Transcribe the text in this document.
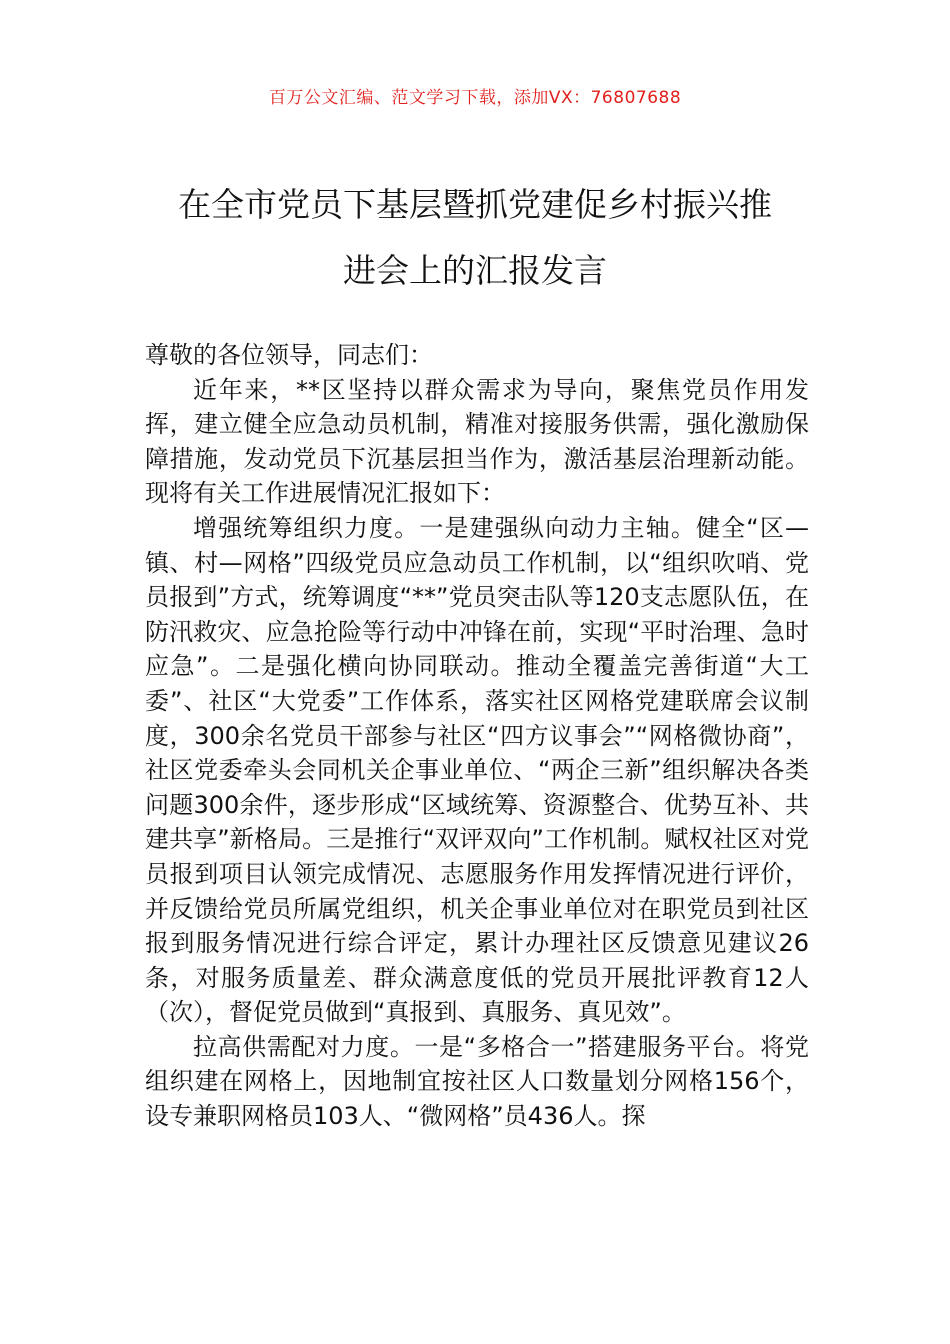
百万公文汇编、范文学习下载，添加VX：76807688
在全市党员下基层暨抓党建促乡村振兴推
进会上的汇报发言

尊敬的各位领导，同志们：

近年来，**区坚持以群众需求为导向，聚焦党员作用发挥，建立健全应急动员机制，精准对接服务供需，强化激励保障措施，发动党员下沉基层担当作为，激活基层治理新动能。现将有关工作进展情况汇报如下：

增强统筹组织力度。一是建强纵向动力主轴。健全“区—镇、村—网格”四级党员应急动员工作机制，以“组织吹哨、党员报到”方式，统筹调度“**”党员突击队等120支志愿队伍，在防汛救灾、应急抢险等行动中冲锋在前，实现“平时治理、急时应急”。二是强化横向协同联动。推动全覆盖完善街道“大工委”、社区“大党委”工作体系，落实社区网格党建联席会议制度，300余名党员干部参与社区“四方议事会”“网格微协商”，社区党委牵头会同机关企事业单位、“两企三新”组织解决各类问题300余件，逐步形成“区域统筹、资源整合、优势互补、共建共享”新格局。三是推行“双评双向”工作机制。赋权社区对党员报到项目认领完成情况、志愿服务作用发挥情况进行评价，并反馈给党员所属党组织，机关企事业单位对在职党员到社区报到服务情况进行综合评定，累计办理社区反馈意见建议26条，对服务质量差、群众满意度低的党员开展批评教育12人（次），督促党员做到“真报到、真服务、真见效”。

拉高供需配对力度。一是“多格合一”搭建服务平台。将党组织建在网格上，因地制宜按社区人口数量划分网格156个，设专兼职网格员103人、“微网格”员436人。探
